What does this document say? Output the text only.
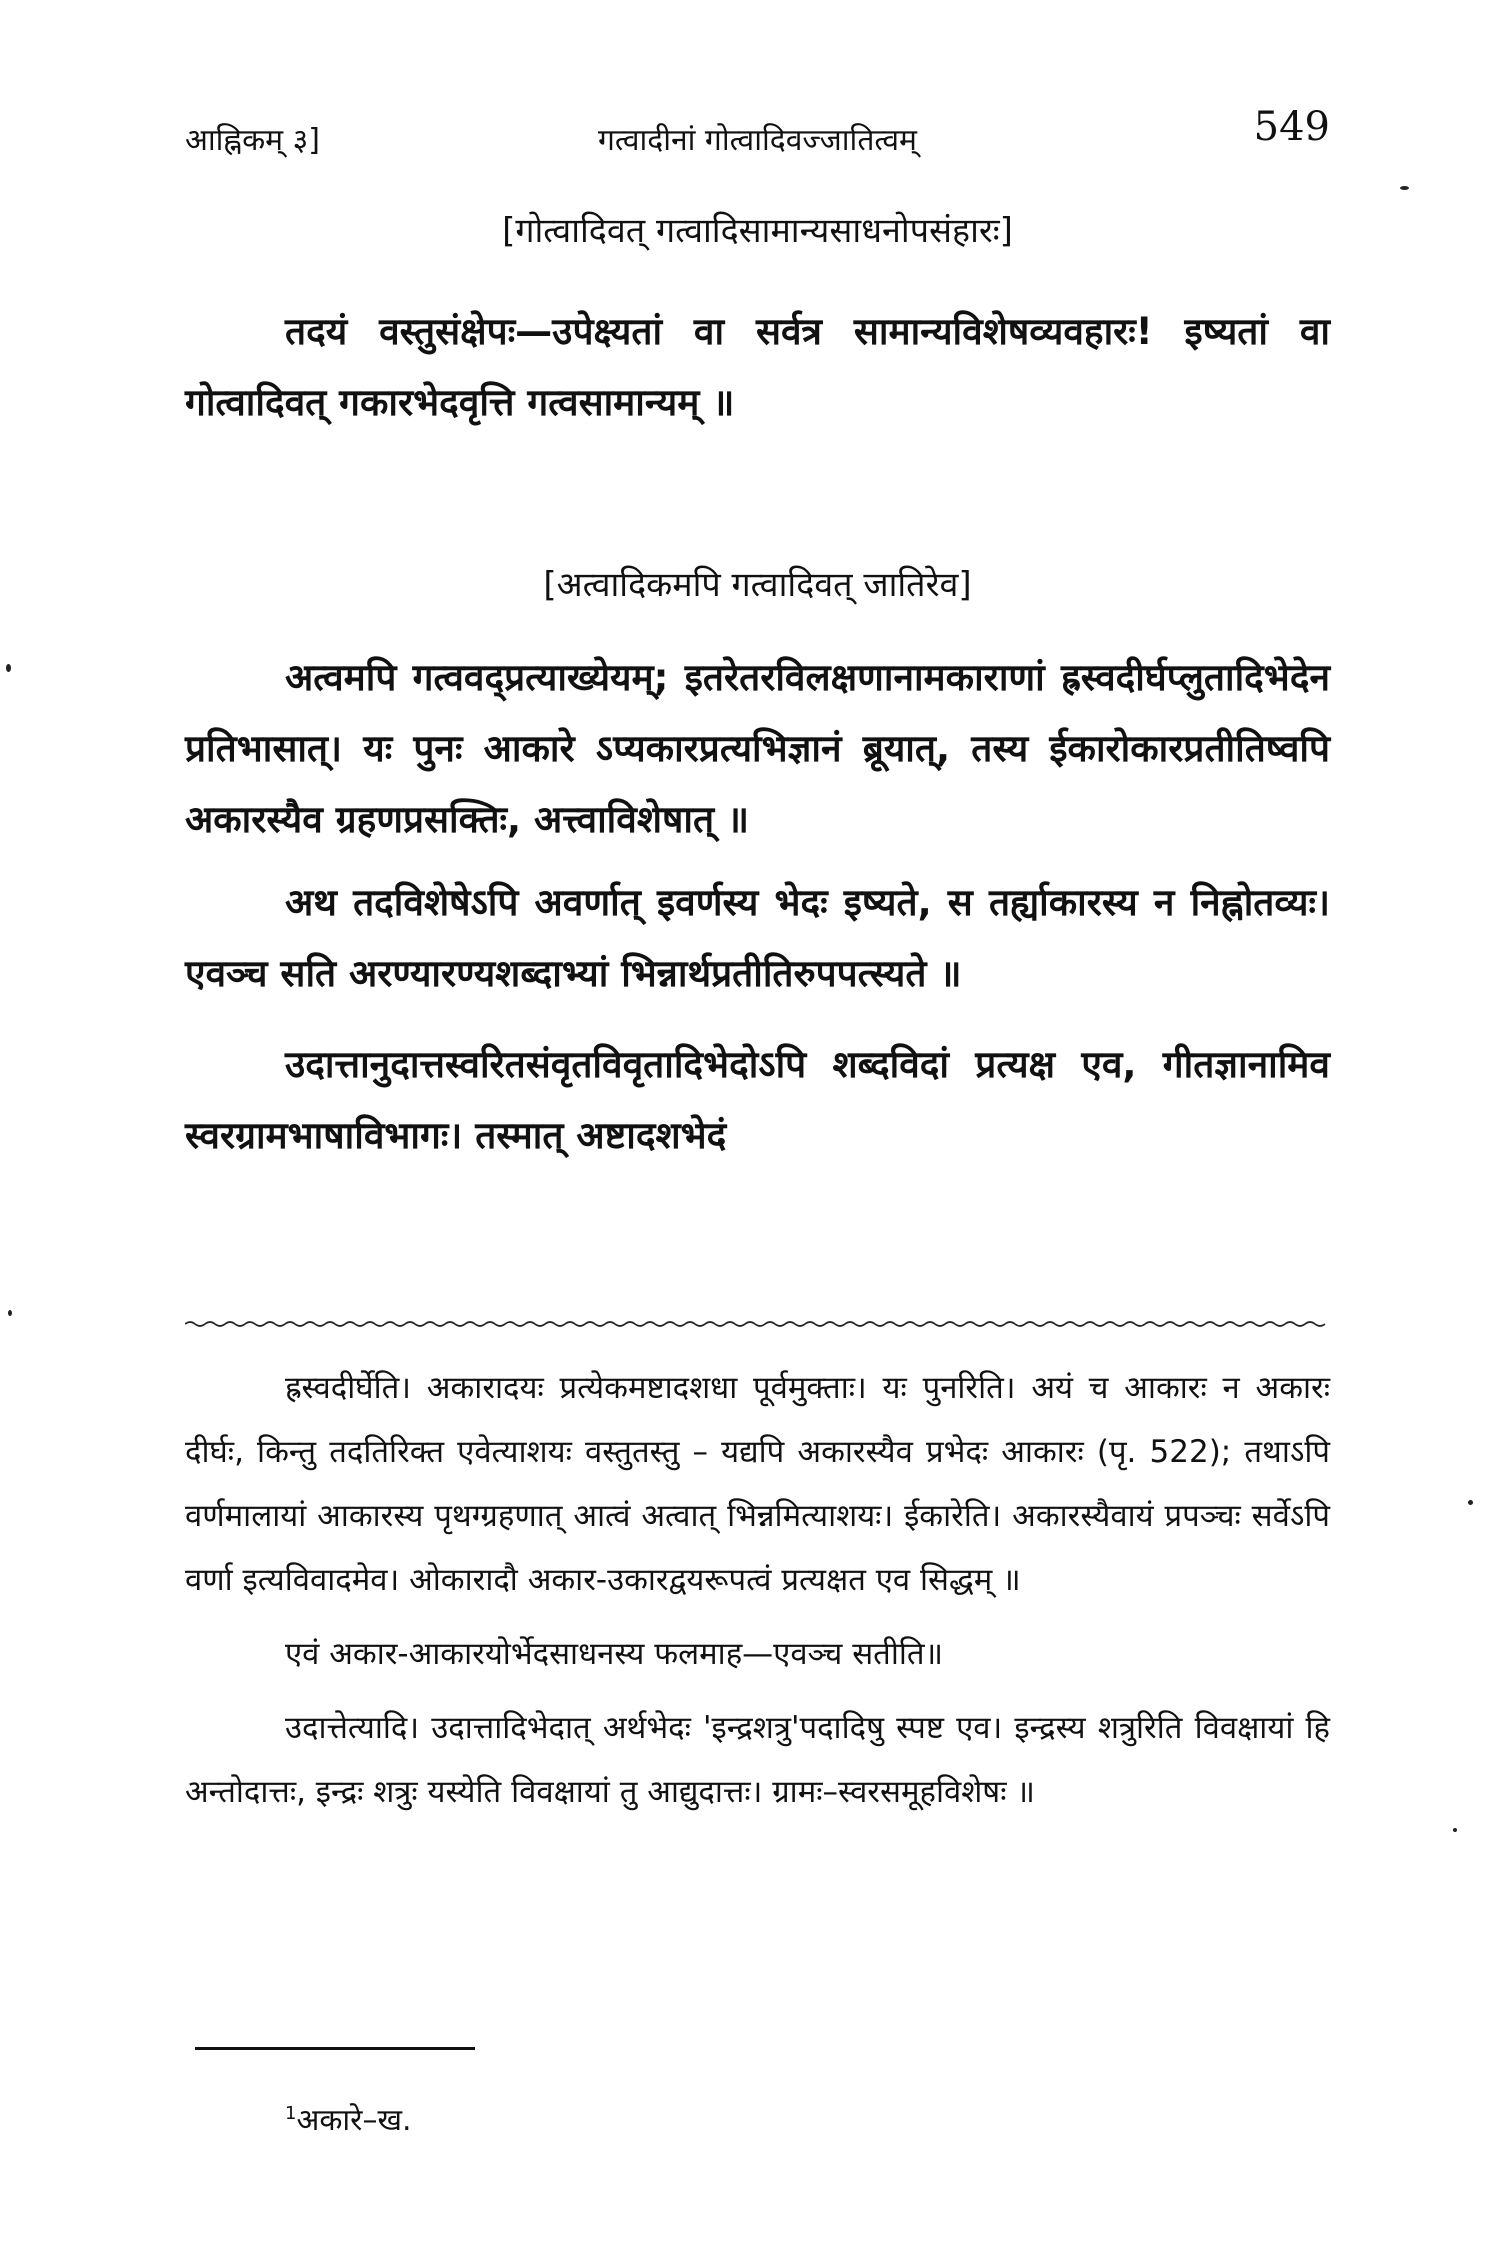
आह्निकम् ३]	गत्वादीनां गोत्वादिवज्जातित्वम्	549
[गोत्वादिवत् गत्वादिसामान्यसाधनोपसंहारः]

तदयं वस्तुसंक्षेपः—उपेक्ष्यतां वा सर्वत्र सामान्यविशेषव्यवहारः! इष्यतां वा गोत्वादिवत् गकारभेदवृत्ति गत्वसामान्यम् ॥

[अत्वादिकमपि गत्वादिवत् जातिरेव]

अत्वमपि गत्ववद्प्रत्याख्येयम्; इतरेतरविलक्षणानामकाराणां ह्रस्वदीर्घप्लुतादिभेदेन प्रतिभासात्। यः पुनः आकारे ऽप्यकारप्रत्यभिज्ञानं ब्रूयात्, तस्य ईकारोकारप्रतीतिष्वपि अकारस्यैव ग्रहणप्रसक्तिः, अत्त्वाविशेषात् ॥

अथ तदविशेषेऽपि अवर्णात् इवर्णस्य भेदः इष्यते, स तर्ह्याकारस्य न निह्नोतव्यः। एवञ्च सति अरण्यारण्यशब्दाभ्यां भिन्नार्थप्रतीतिरुपपत्स्यते ॥

उदात्तानुदात्तस्वरितसंवृतविवृतादिभेदोऽपि शब्दविदां प्रत्यक्ष एव, गीतज्ञानामिव स्वरग्रामभाषाविभागः। तस्मात् अष्टादशभेदं

ह्रस्वदीर्घेति। अकारादयः प्रत्येकमष्टादशधा पूर्वमुक्ताः। यः पुनरिति। अयं च आकारः न अकारः दीर्घः, किन्तु तदतिरिक्त एवेत्याशयः वस्तुतस्तु – यद्यपि अकारस्यैव प्रभेदः आकारः (पृ. 522); तथाऽपि वर्णमालायां आकारस्य पृथग्ग्रहणात् आत्वं अत्वात् भिन्नमित्याशयः। ईकारेति। अकारस्यैवायं प्रपञ्चः सर्वेऽपि वर्णा इत्यविवादमेव। ओकारादौ अकार-उकारद्वयरूपत्वं प्रत्यक्षत एव सिद्धम् ॥

एवं अकार-आकारयोर्भेदसाधनस्य फलमाह—एवञ्च सतीति॥

उदात्तेत्यादि। उदात्तादिभेदात् अर्थभेदः 'इन्द्रशत्रु'पदादिषु स्पष्ट एव। इन्द्रस्य शत्रुरिति विवक्षायां हि अन्तोदात्तः, इन्द्रः शत्रुः यस्येति विवक्षायां तु आद्युदात्तः। ग्रामः–स्वरसमूहविशेषः ॥

$^1$अकारे–ख.
